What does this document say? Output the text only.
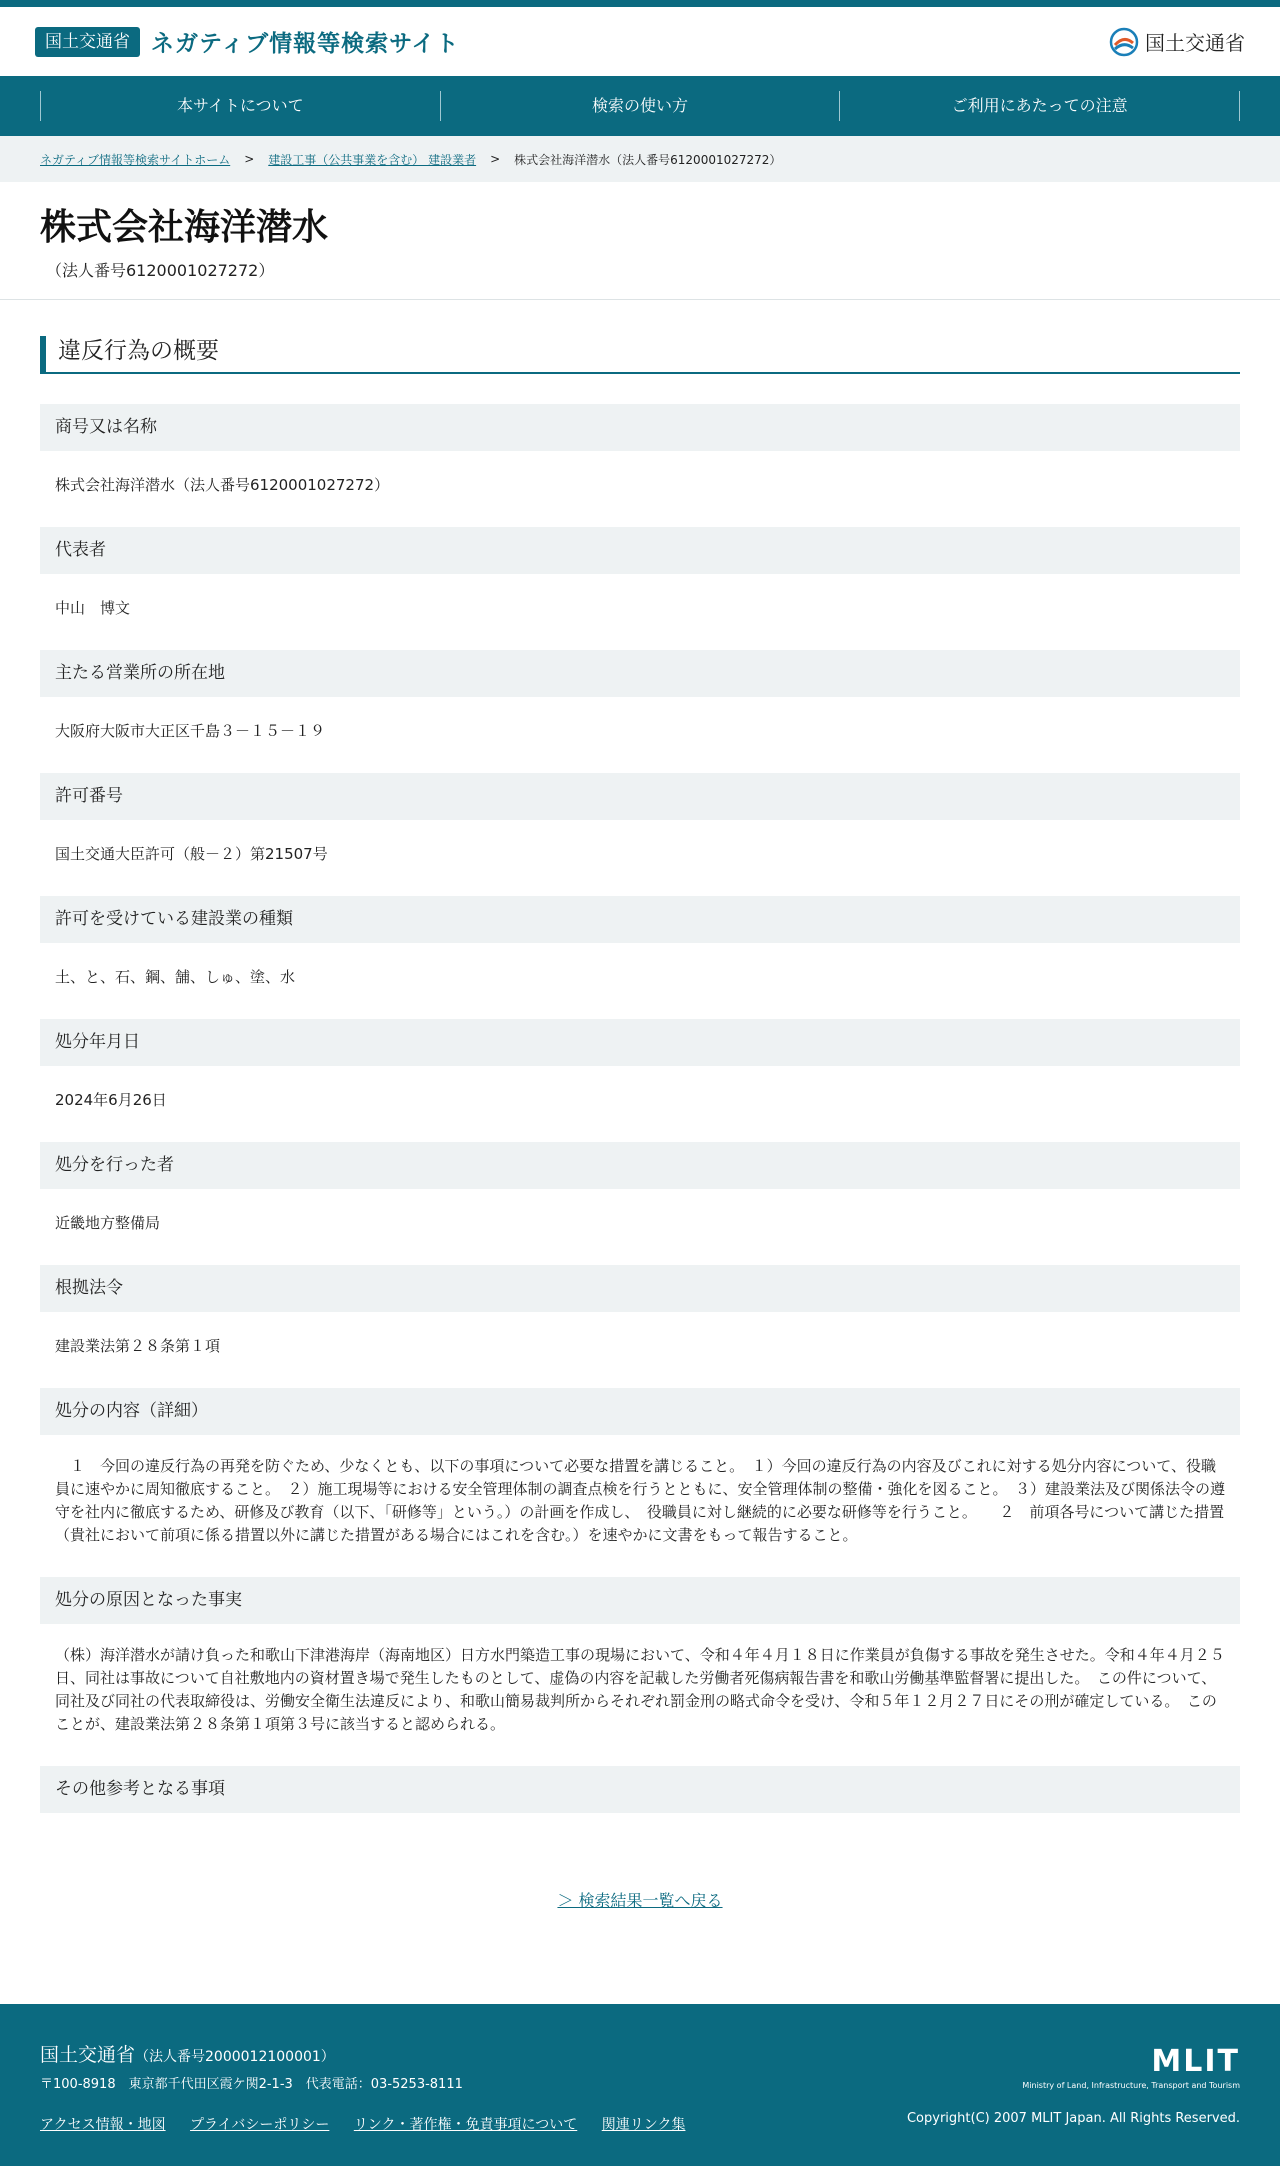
国土交通省 ネガティブ情報等検索サイト	国土交通省
本サイトについて	検索の使い方	ご利用にあたっての注意
ネガティブ情報等検索サイトホーム > 建設工事（公共事業を含む） 建設業者 > 株式会社海洋潜水（法人番号6120001027272）
株式会社海洋潜水
（法人番号6120001027272）
違反行為の概要
商号又は名称
株式会社海洋潜水（法人番号6120001027272）
代表者
中山　博文
主たる営業所の所在地
大阪府大阪市大正区千島３－１５－１９
許可番号
国土交通大臣許可（般－２）第21507号
許可を受けている建設業の種類
土、と、石、鋼、舗、しゅ、塗、水
処分年月日
2024年6月26日
処分を行った者
近畿地方整備局
根拠法令
建設業法第２８条第１項
処分の内容（詳細）
　１　今回の違反行為の再発を防ぐため、少なくとも、以下の事項について必要な措置を講じること。　１）今回の違反行為の内容及びこれに対する処分内容について、役職員に速やかに周知徹底すること。　２）施工現場等における安全管理体制の調査点検を行うとともに、安全管理体制の整備・強化を図ること。　３）建設業法及び関係法令の遵守を社内に徹底するため、研修及び教育（以下、「研修等」という。）の計画を作成し、　役職員に対し継続的に必要な研修等を行うこと。　　２　前項各号について講じた措置（貴社において前項に係る措置以外に講じた措置がある場合にはこれを含む。）を速やかに文書をもって報告すること。
処分の原因となった事実
（株）海洋潜水が請け負った和歌山下津港海岸（海南地区）日方水門築造工事の現場において、令和４年４月１８日に作業員が負傷する事故を発生させた。令和４年４月２５日、同社は事故について自社敷地内の資材置き場で発生したものとして、虚偽の内容を記載した労働者死傷病報告書を和歌山労働基準監督署に提出した。　この件について、同社及び同社の代表取締役は、労働安全衛生法違反により、和歌山簡易裁判所からそれぞれ罰金刑の略式命令を受け、令和５年１２月２７日にその刑が確定している。　このことが、建設業法第２８条第１項第３号に該当すると認められる。
その他参考となる事項
＞ 検索結果一覧へ戻る
国土交通省（法人番号2000012100001）
〒100-8918　東京都千代田区霞ケ関2-1-3　代表電話：03-5253-8111
アクセス情報・地図 プライバシーポリシー リンク・著作権・免責事項について 関連リンク集
MLIT
Ministry of Land, Infrastructure, Transport and Tourism
Copyright(C) 2007 MLIT Japan. All Rights Reserved.
